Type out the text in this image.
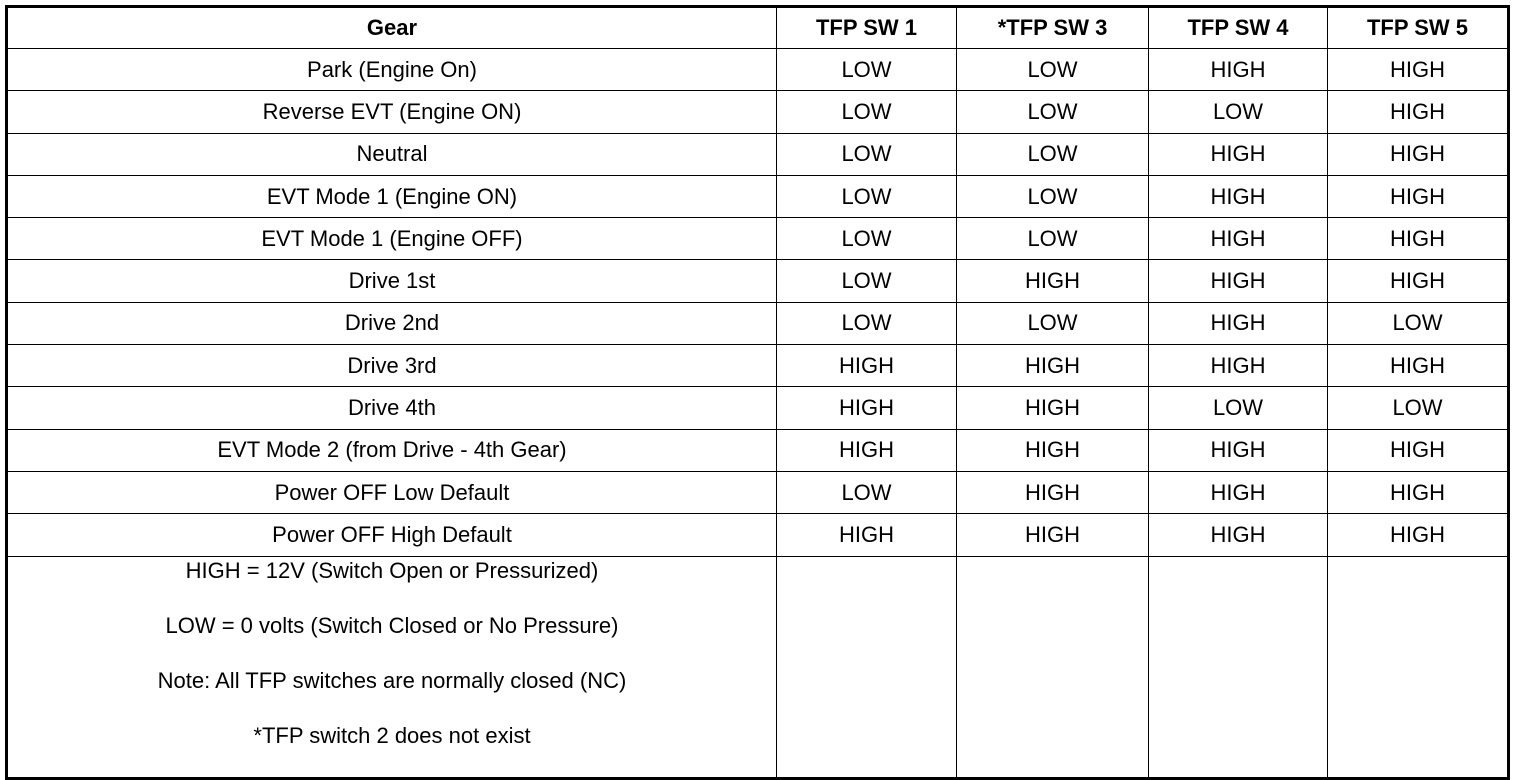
Gear	TFP SW 1	*TFP SW 3	TFP SW 4	TFP SW 5
Park (Engine On)	LOW	LOW	HIGH	HIGH
Reverse EVT (Engine ON)	LOW	LOW	LOW	HIGH
Neutral	LOW	LOW	HIGH	HIGH
EVT Mode 1 (Engine ON)	LOW	LOW	HIGH	HIGH
EVT Mode 1 (Engine OFF)	LOW	LOW	HIGH	HIGH
Drive 1st	LOW	HIGH	HIGH	HIGH
Drive 2nd	LOW	LOW	HIGH	LOW
Drive 3rd	HIGH	HIGH	HIGH	HIGH
Drive 4th	HIGH	HIGH	LOW	LOW
EVT Mode 2 (from Drive - 4th Gear)	HIGH	HIGH	HIGH	HIGH
Power OFF Low Default	LOW	HIGH	HIGH	HIGH
Power OFF High Default	HIGH	HIGH	HIGH	HIGH

HIGH = 12V (Switch Open or Pressurized)
LOW = 0 volts (Switch Closed or No Pressure)
Note: All TFP switches are normally closed (NC)
*TFP switch 2 does not exist				
